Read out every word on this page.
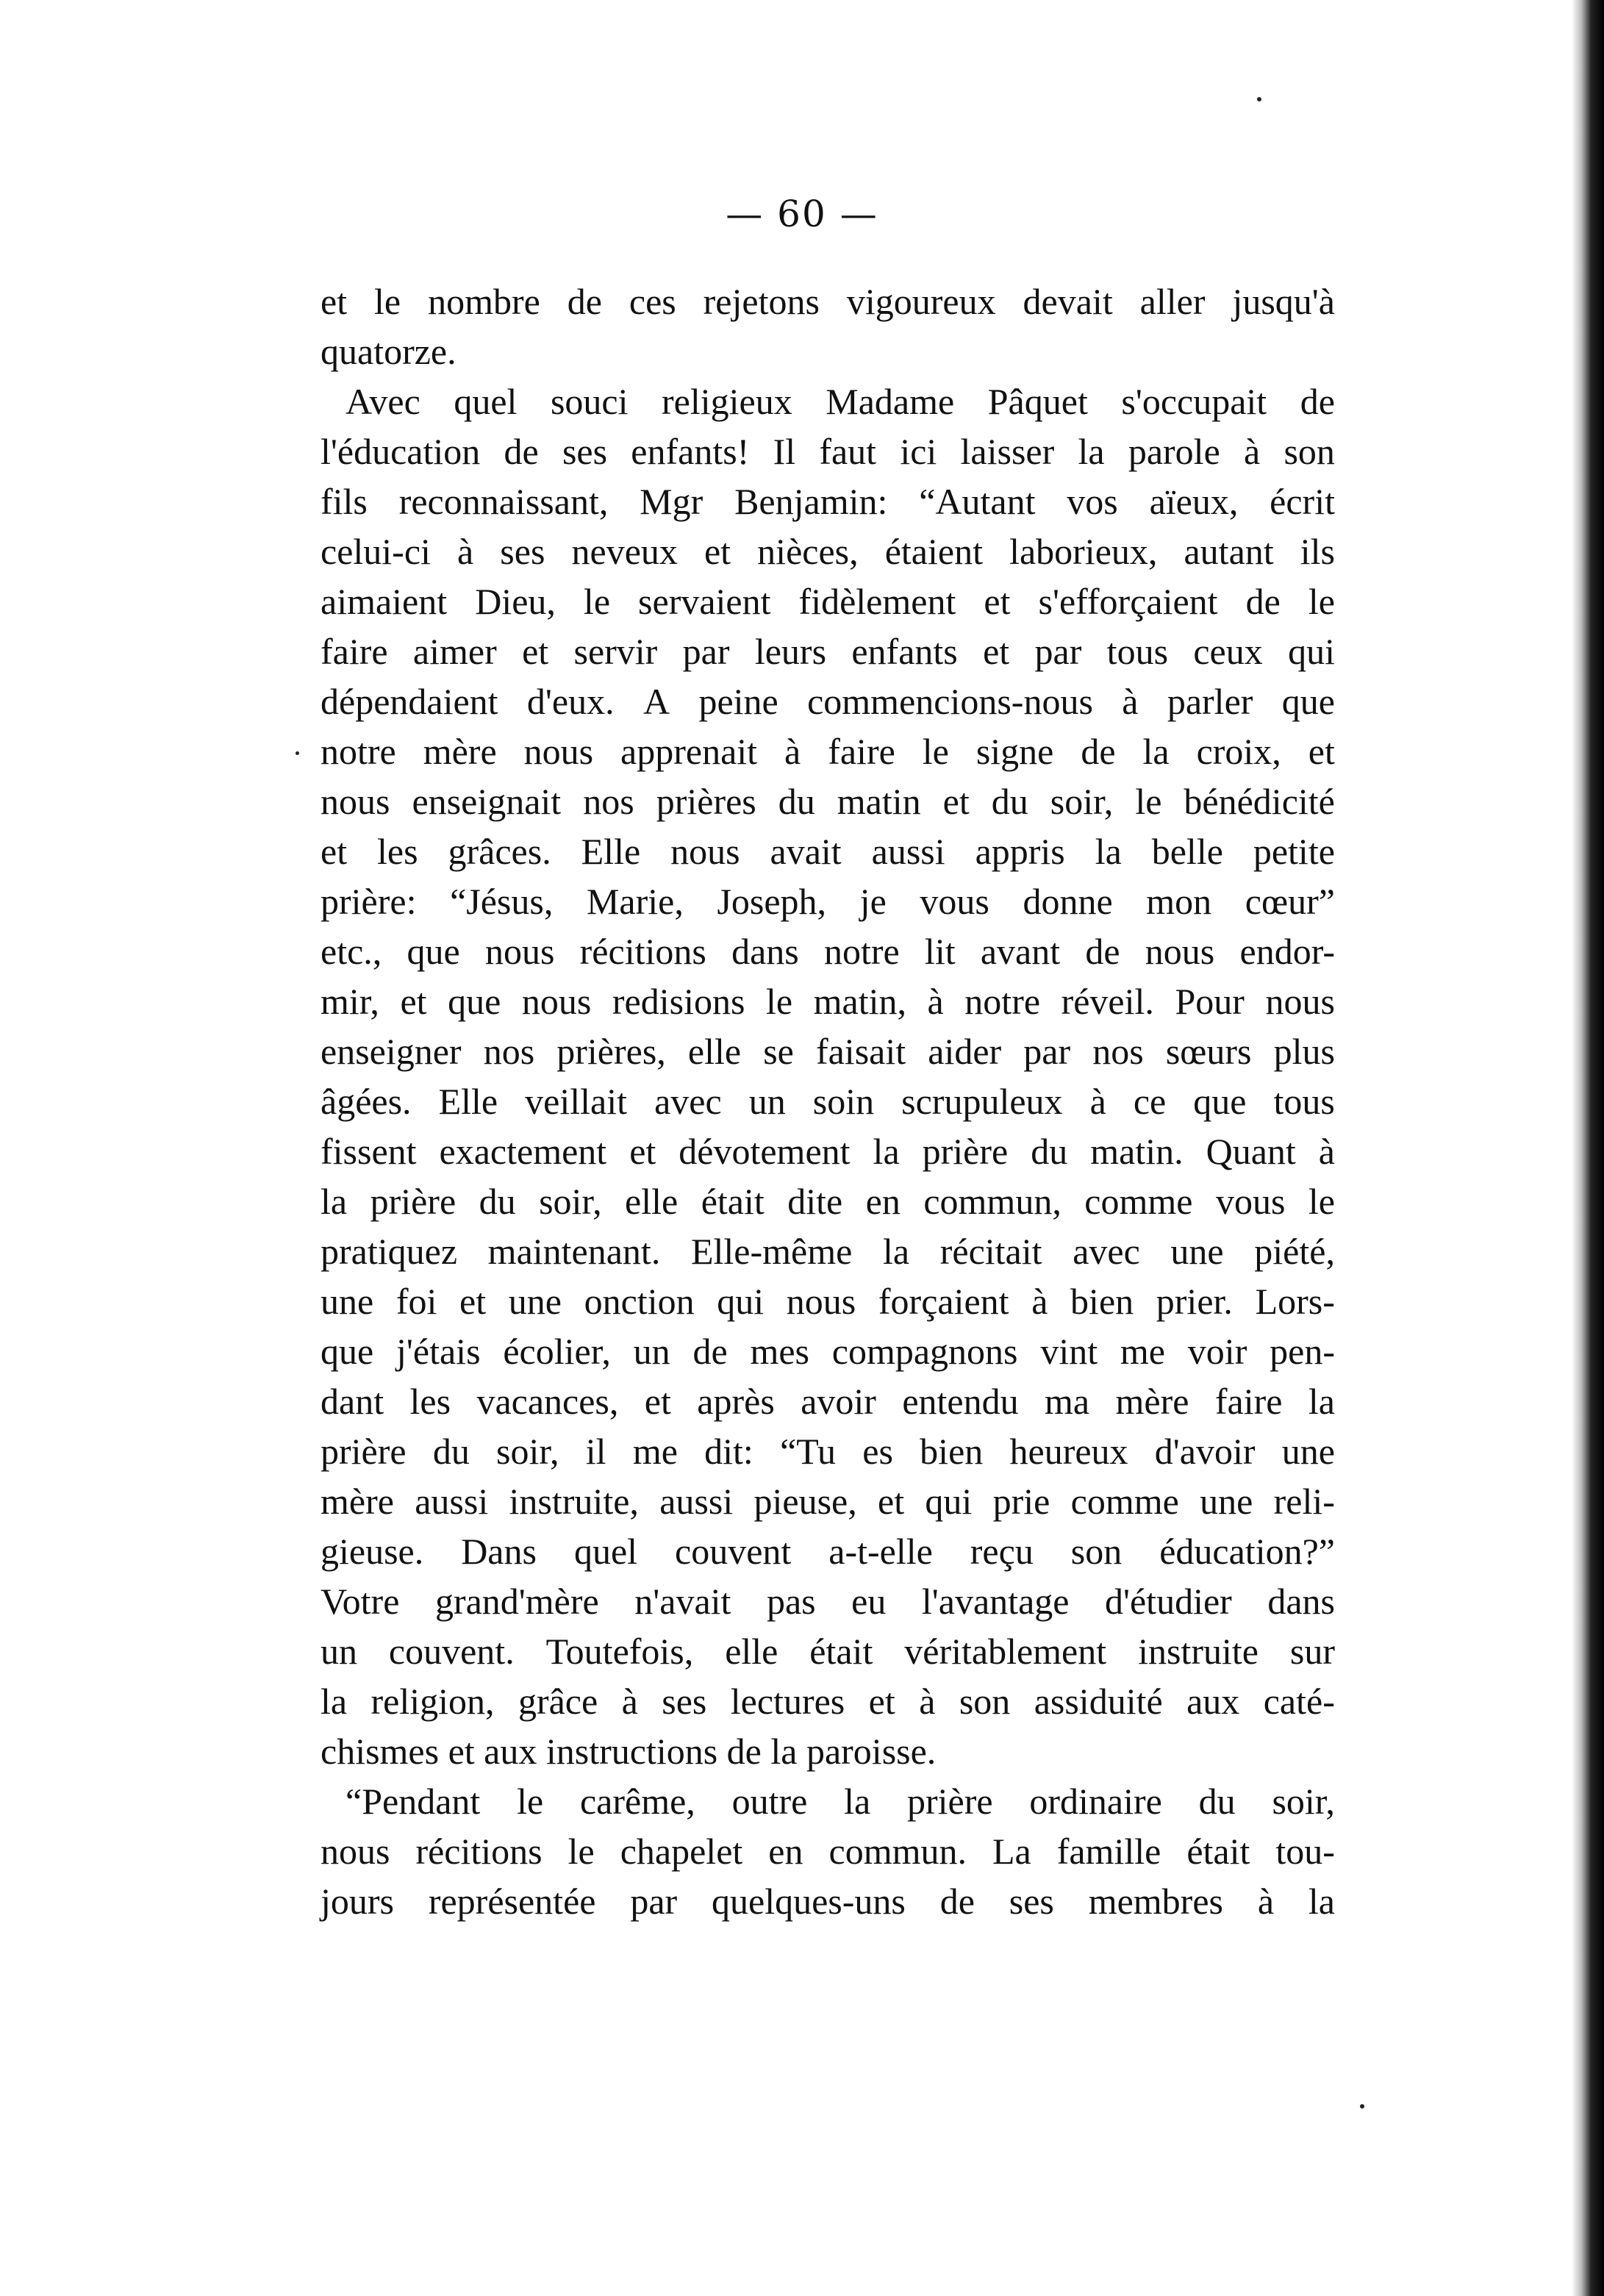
— 60 —
et le nombre de ces rejetons vigoureux devait aller jusqu'à
quatorze.
Avec quel souci religieux Madame Pâquet s'occupait de
l'éducation de ses enfants! Il faut ici laisser la parole à son
fils reconnaissant, Mgr Benjamin: “Autant vos aïeux, écrit
celui-ci à ses neveux et nièces, étaient laborieux, autant ils
aimaient Dieu, le servaient fidèlement et s'efforçaient de le
faire aimer et servir par leurs enfants et par tous ceux qui
dépendaient d'eux. A peine commencions-nous à parler que
notre mère nous apprenait à faire le signe de la croix, et
nous enseignait nos prières du matin et du soir, le bénédicité
et les grâces. Elle nous avait aussi appris la belle petite
prière: “Jésus, Marie, Joseph, je vous donne mon cœur”
etc., que nous récitions dans notre lit avant de nous endor-
mir, et que nous redisions le matin, à notre réveil. Pour nous
enseigner nos prières, elle se faisait aider par nos sœurs plus
âgées. Elle veillait avec un soin scrupuleux à ce que tous
fissent exactement et dévotement la prière du matin. Quant à
la prière du soir, elle était dite en commun, comme vous le
pratiquez maintenant. Elle-même la récitait avec une piété,
une foi et une onction qui nous forçaient à bien prier. Lors-
que j'étais écolier, un de mes compagnons vint me voir pen-
dant les vacances, et après avoir entendu ma mère faire la
prière du soir, il me dit: “Tu es bien heureux d'avoir une
mère aussi instruite, aussi pieuse, et qui prie comme une reli-
gieuse. Dans quel couvent a-t-elle reçu son éducation?”
Votre grand'mère n'avait pas eu l'avantage d'étudier dans
un couvent. Toutefois, elle était véritablement instruite sur
la religion, grâce à ses lectures et à son assiduité aux caté-
chismes et aux instructions de la paroisse.
“Pendant le carême, outre la prière ordinaire du soir,
nous récitions le chapelet en commun. La famille était tou-
jours représentée par quelques-uns de ses membres à la
